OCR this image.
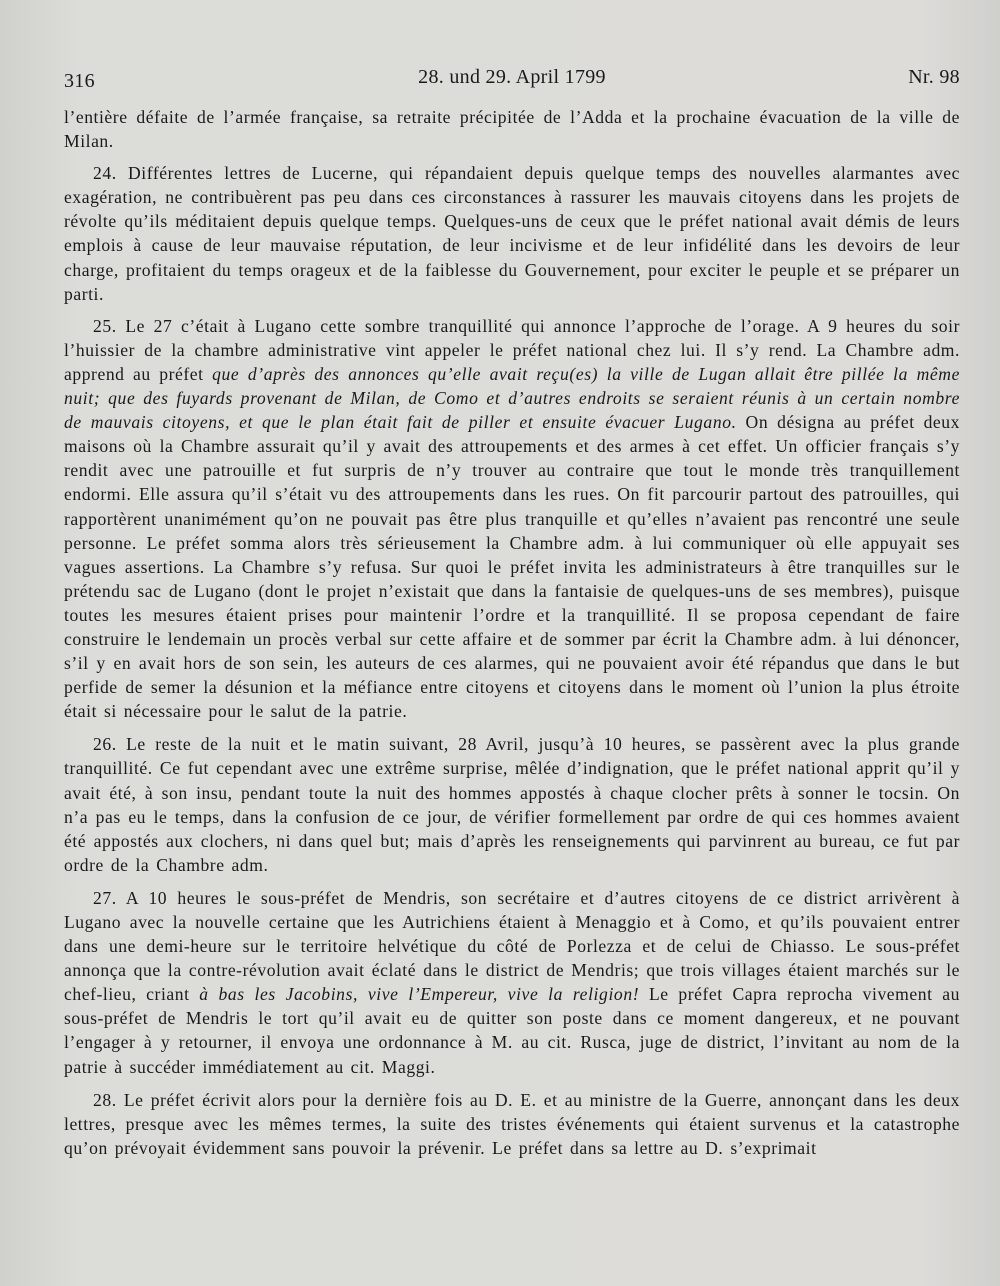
316	28. und 29. April 1799	Nr. 98

l’entière défaite de l’armée française, sa retraite précipitée de l’Adda et la prochaine évacuation de la ville de Milan.

24. Différentes lettres de Lucerne, qui répandaient depuis quelque temps des nouvelles alarmantes avec exagération, ne contribuèrent pas peu dans ces circonstances à rassurer les mauvais citoyens dans les projets de révolte qu’ils méditaient depuis quelque temps. Quelques-uns de ceux que le préfet national avait démis de leurs emplois à cause de leur mauvaise réputation, de leur incivisme et de leur infidélité dans les devoirs de leur charge, profitaient du temps orageux et de la faiblesse du Gouvernement, pour exciter le peuple et se préparer un parti.

25. Le 27 c’était à Lugano cette sombre tranquillité qui annonce l’approche de l’orage. A 9 heures du soir l’huissier de la chambre administrative vint appeler le préfet national chez lui. Il s’y rend. La Chambre adm. apprend au préfet que d’après des annonces qu’elle avait reçu(es) la ville de Lugan allait être pillée la même nuit; que des fuyards provenant de Milan, de Como et d’autres endroits se seraient réunis à un certain nombre de mauvais citoyens, et que le plan était fait de piller et ensuite évacuer Lugano. On désigna au préfet deux maisons où la Chambre assurait qu’il y avait des attroupements et des armes à cet effet. Un officier français s’y rendit avec une patrouille et fut surpris de n’y trouver au contraire que tout le monde très tranquillement endormi. Elle assura qu’il s’était vu des attroupements dans les rues. On fit parcourir partout des patrouilles, qui rapportèrent unanimément qu’on ne pouvait pas être plus tranquille et qu’elles n’avaient pas rencontré une seule personne. Le préfet somma alors très sérieusement la Chambre adm. à lui communiquer où elle appuyait ses vagues assertions. La Chambre s’y refusa. Sur quoi le préfet invita les administrateurs à être tranquilles sur le prétendu sac de Lugano (dont le projet n’existait que dans la fantaisie de quelques-uns de ses membres), puisque toutes les mesures étaient prises pour maintenir l’ordre et la tranquillité. Il se proposa cependant de faire construire le lendemain un procès verbal sur cette affaire et de sommer par écrit la Chambre adm. à lui dénoncer, s’il y en avait hors de son sein, les auteurs de ces alarmes, qui ne pouvaient avoir été répandus que dans le but perfide de semer la désunion et la méfiance entre citoyens et citoyens dans le moment où l’union la plus étroite était si nécessaire pour le salut de la patrie.

26. Le reste de la nuit et le matin suivant, 28 Avril, jusqu’à 10 heures, se passèrent avec la plus grande tranquillité. Ce fut cependant avec une extrême surprise, mêlée d’indignation, que le préfet national apprit qu’il y avait été, à son insu, pendant toute la nuit des hommes appostés à chaque clocher prêts à sonner le tocsin. On n’a pas eu le temps, dans la confusion de ce jour, de vérifier formellement par ordre de qui ces hommes avaient été appostés aux clochers, ni dans quel but; mais d’après les renseignements qui parvinrent au bureau, ce fut par ordre de la Chambre adm.

27. A 10 heures le sous-préfet de Mendris, son secrétaire et d’autres citoyens de ce district arrivèrent à Lugano avec la nouvelle certaine que les Autrichiens étaient à Menaggio et à Como, et qu’ils pouvaient entrer dans une demi-heure sur le territoire helvétique du côté de Porlezza et de celui de Chiasso. Le sous-préfet annonça que la contre-révolution avait éclaté dans le district de Mendris; que trois villages étaient marchés sur le chef-lieu, criant à bas les Jacobins, vive l’Empereur, vive la religion! Le préfet Capra reprocha vivement au sous-préfet de Mendris le tort qu’il avait eu de quitter son poste dans ce moment dangereux, et ne pouvant l’engager à y retourner, il envoya une ordonnance à M. au cit. Rusca, juge de district, l’invitant au nom de la patrie à succéder immédiatement au cit. Maggi.

28. Le préfet écrivit alors pour la dernière fois au D. E. et au ministre de la Guerre, annonçant dans les deux lettres, presque avec les mêmes termes, la suite des tristes événements qui étaient survenus et la catastrophe qu’on prévoyait évidemment sans pouvoir la prévenir. Le préfet dans sa lettre au D. s’exprimait
